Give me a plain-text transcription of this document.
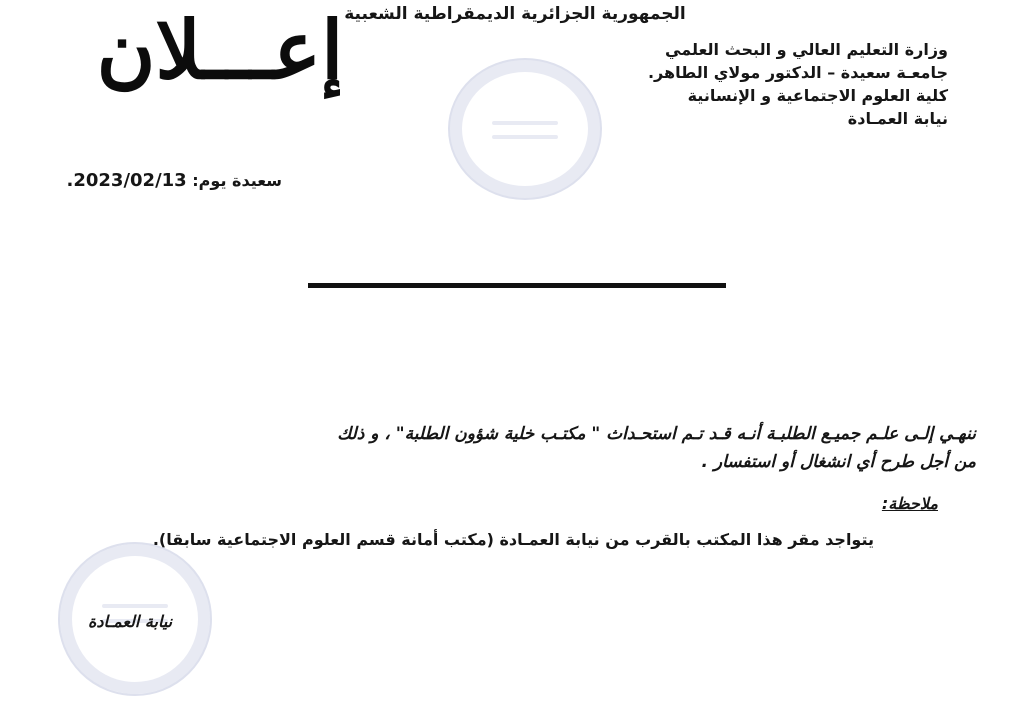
الجمهورية الجزائرية الديمقراطية الشعبية
وزارة التعليم العالي و البحث العلمي
جامعـة سعيدة – الدكتور مولاي الطاهر.
كلية العلوم الاجتماعية و الإنسانية
نيابة العمـادة
سعيدة يوم: 2023/02/13.
إعـــلان
ننهـي إلـى علـم جميـع الطلبـة أنـه قـد تـم استحـداث " مكتـب خلية شؤون الطلبة" ، و ذلك
من أجل طرح أي انشغال أو استفسار .
ملاحظة:
يتواجد مقر هذا المكتب بالقرب من نيابة العمـادة (مكتب أمانة قسم العلوم الاجتماعية سابقا).
نيابة العمـادة
